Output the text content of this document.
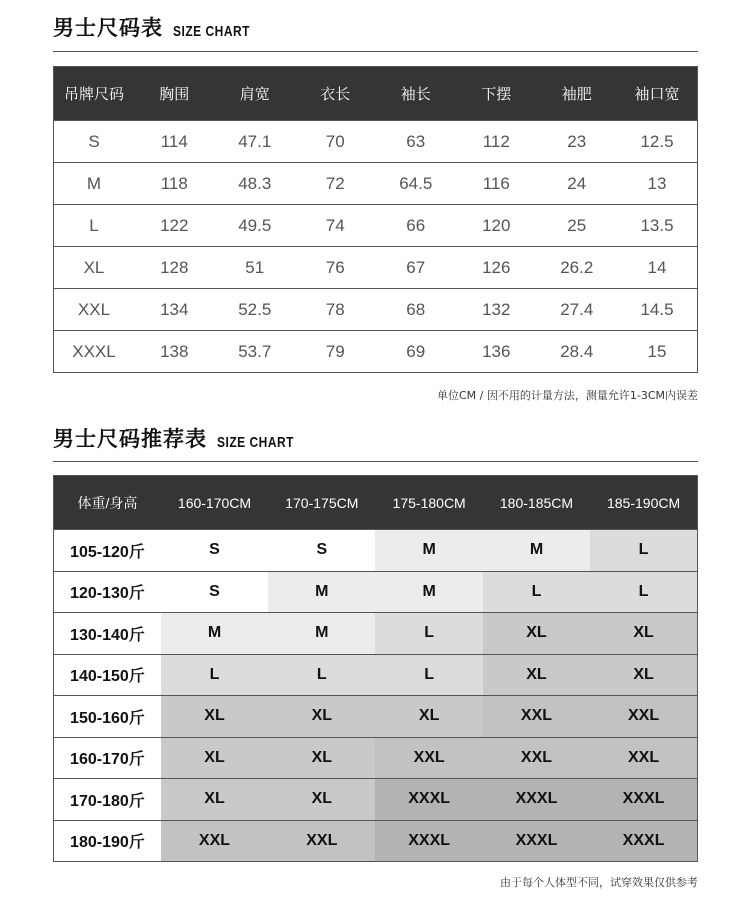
男士尺码表 SIZE CHART
吊牌尺码	胸围	肩宽	衣长	袖长	下摆	袖肥	袖口宽
S	114	47.1	70	63	112	23	12.5
M	118	48.3	72	64.5	116	24	13
L	122	49.5	74	66	120	25	13.5
XL	128	51	76	67	126	26.2	14
XXL	134	52.5	78	68	132	27.4	14.5
XXXL	138	53.7	79	69	136	28.4	15
单位CM / 因不用的计量方法，测量允许1-3CM内误差
男士尺码推荐表 SIZE CHART
体重/身高	160-170CM	170-175CM	175-180CM	180-185CM	185-190CM
105-120斤	S	S	M	M	L
120-130斤	S	M	M	L	L
130-140斤	M	M	L	XL	XL
140-150斤	L	L	L	XL	XL
150-160斤	XL	XL	XL	XXL	XXL
160-170斤	XL	XL	XXL	XXL	XXL
170-180斤	XL	XL	XXXL	XXXL	XXXL
180-190斤	XXL	XXL	XXXL	XXXL	XXXL
由于每个人体型不同，试穿效果仅供参考
